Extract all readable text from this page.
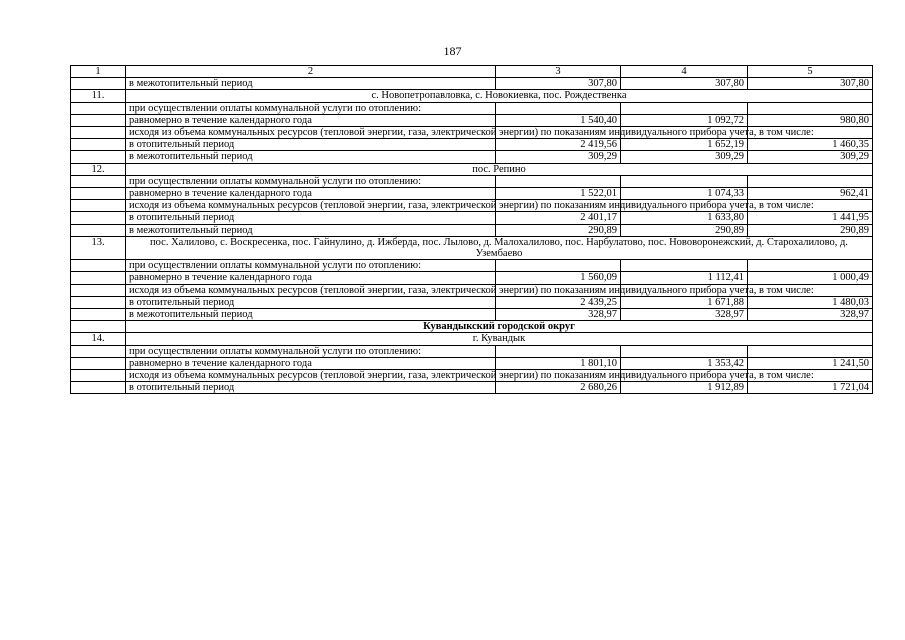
187
1	2	3	4	5
	в межотопительный период	307,80	307,80	307,80
11.	с. Новопетропавловка, с. Новокиевка, пос. Рождественка			
	при осуществлении оплаты коммунальной услуги по отоплению:			
	равномерно в течение календарного года	1 540,40	1 092,72	980,80
	исходя из объема коммунальных ресурсов (тепловой энергии, газа, электрической энергии) по показаниям индивидуального прибора учета, в том числе:			
	в отопительный период	2 419,56	1 652,19	1 460,35
	в межотопительный период	309,29	309,29	309,29
12.	пос. Репино			
	при осуществлении оплаты коммунальной услуги по отоплению:			
	равномерно в течение календарного года	1 522,01	1 074,33	962,41
	исходя из объема коммунальных ресурсов (тепловой энергии, газа, электрической энергии) по показаниям индивидуального прибора учета, в том числе:			
	в отопительный период	2 401,17	1 633,80	1 441,95
	в межотопительный период	290,89	290,89	290,89
13.	пос. Халилово, с. Воскресенка, пос. Гайнулино, д. Ижберда, пос. Лылово, д. Малохалилово, пос. Нарбулатово, пос. Нововоронежский, д. Старохалилово, д. Узембаево			
	при осуществлении оплаты коммунальной услуги по отоплению:			
	равномерно в течение календарного года	1 560,09	1 112,41	1 000,49
	исходя из объема коммунальных ресурсов (тепловой энергии, газа, электрической энергии) по показаниям индивидуального прибора учета, в том числе:			
	в отопительный период	2 439,25	1 671,88	1 480,03
	в межотопительный период	328,97	328,97	328,97
	Кувандыкский городской округ			
14.	г. Кувандык			
	при осуществлении оплаты коммунальной услуги по отоплению:			
	равномерно в течение календарного года	1 801,10	1 353,42	1 241,50
	исходя из объема коммунальных ресурсов (тепловой энергии, газа, электрической энергии) по показаниям индивидуального прибора учета, в том числе:			
	в отопительный период	2 680,26	1 912,89	1 721,04
